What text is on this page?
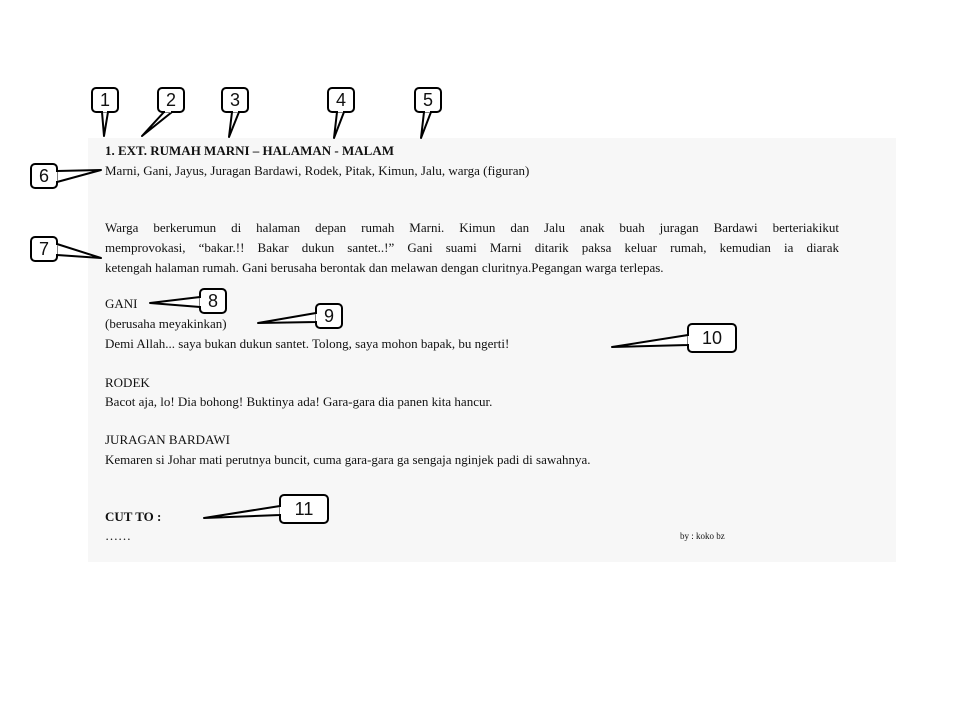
1. EXT. RUMAH MARNI – HALAMAN - MALAM
Marni, Gani, Jayus, Juragan Bardawi, Rodek, Pitak, Kimun, Jalu, warga (figuran)
Warga berkerumun di halaman depan rumah Marni. Kimun dan Jalu anak buah juragan Bardawi berteriakikut
memprovokasi, “bakar.!! Bakar dukun santet..!” Gani suami Marni ditarik paksa keluar rumah, kemudian ia diarak
ketengah halaman rumah. Gani berusaha berontak dan melawan dengan cluritnya.Pegangan warga terlepas.
GANI
(berusaha meyakinkan)
Demi Allah... saya bukan dukun santet. Tolong, saya mohon bapak, bu ngerti!
RODEK
Bacot aja, lo! Dia bohong! Buktinya ada! Gara-gara dia panen kita hancur.
JURAGAN BARDAWI
Kemaren si Johar mati perutnya buncit, cuma gara-gara ga sengaja nginjek padi di sawahnya.
CUT TO :
……	by : koko bz
1	2	3	4	5
6
7
8
9
10
11
